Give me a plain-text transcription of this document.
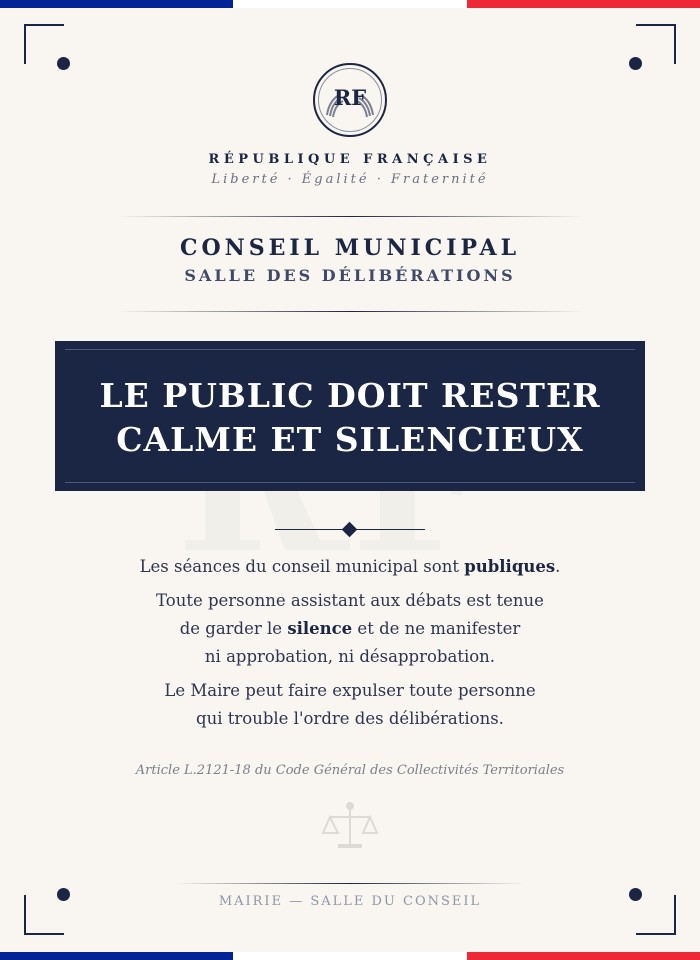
RF
RÉPUBLIQUE FRANÇAISE
Liberté · Égalité · Fraternité
CONSEIL MUNICIPAL
SALLE DES DÉLIBÉRATIONS
LE PUBLIC DOIT RESTER
CALME ET SILENCIEUX

Les séances du conseil municipal sont publiques.

Toute personne assistant aux débats est tenue

de garder le silence et de ne manifester

ni approbation, ni désapprobation.

Le Maire peut faire expulser toute personne

qui trouble l'ordre des délibérations.

Article L.2121-18 du Code Général des Collectivités Territoriales
MAIRIE — SALLE DU CONSEIL
